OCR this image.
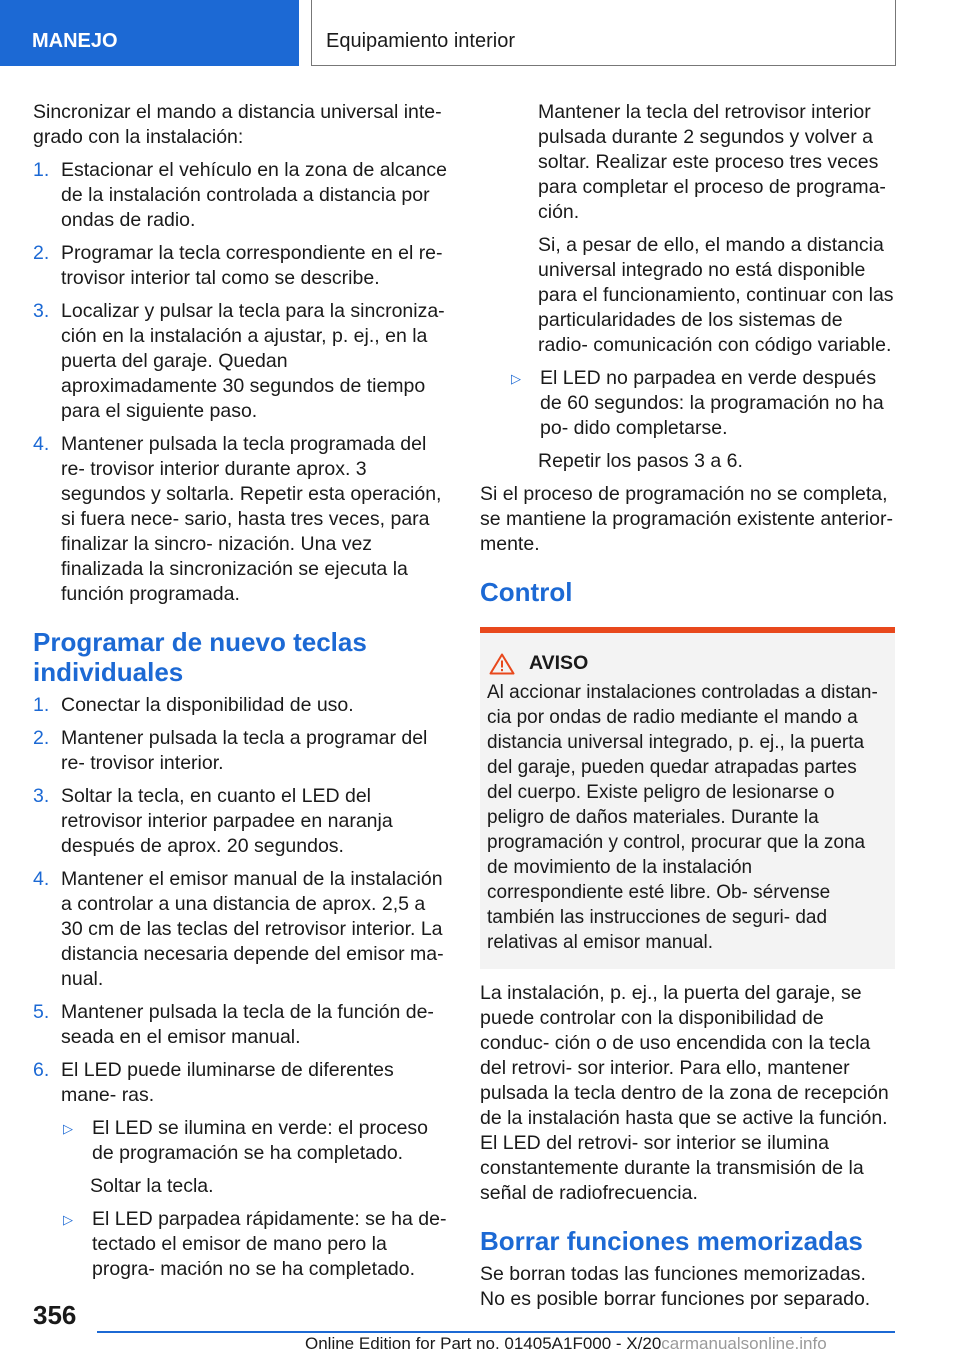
MANEJO	Equipamiento interior

Sincronizar el mando a distancia universal inte- grado con la instalación:

1. Estacionar el vehículo en la zona de alcance de la instalación controlada a distancia por ondas de radio.
2. Programar la tecla correspondiente en el re- trovisor interior tal como se describe.
3. Localizar y pulsar la tecla para la sincroniza- ción en la instalación a ajustar, p. ej., en la puerta del garaje. Quedan aproximadamente 30 segundos de tiempo para el siguiente paso.
4. Mantener pulsada la tecla programada del re- trovisor interior durante aprox. 3 segundos y soltarla. Repetir esta operación, si fuera nece- sario, hasta tres veces, para finalizar la sincro- nización. Una vez finalizada la sincronización se ejecuta la función programada.
Programar de nuevo teclas individuales
1. Conectar la disponibilidad de uso.
2. Mantener pulsada la tecla a programar del re- trovisor interior.
3. Soltar la tecla, en cuanto el LED del retrovisor interior parpadee en naranja después de aprox. 20 segundos.
4. Mantener el emisor manual de la instalación a controlar a una distancia de aprox. 2,5 a 30 cm de las teclas del retrovisor interior. La distancia necesaria depende del emisor ma- nual.
5. Mantener pulsada la tecla de la función de- seada en el emisor manual.
6. El LED puede iluminarse de diferentes mane- ras.
▷ El LED se ilumina en verde: el proceso de programación se ha completado.

Soltar la tecla.

▷ El LED parpadea rápidamente: se ha de- tectado el emisor de mano pero la progra- mación no se ha completado.

Mantener la tecla del retrovisor interior pulsada durante 2 segundos y volver a soltar. Realizar este proceso tres veces para completar el proceso de programa- ción.

Si, a pesar de ello, el mando a distancia universal integrado no está disponible para el funcionamiento, continuar con las particularidades de los sistemas de radio- comunicación con código variable.

▷ El LED no parpadea en verde después de 60 segundos: la programación no ha po- dido completarse.

Repetir los pasos 3 a 6.

Si el proceso de programación no se completa, se mantiene la programación existente anterior- mente.

Control
AVISO
Al accionar instalaciones controladas a distan- cia por ondas de radio mediante el mando a distancia universal integrado, p. ej., la puerta del garaje, pueden quedar atrapadas partes del cuerpo. Existe peligro de lesionarse o peligro de daños materiales. Durante la programación y control, procurar que la zona de movimiento de la instalación correspondiente esté libre. Ob- sérvense también las instrucciones de seguri- dad relativas al emisor manual.

La instalación, p. ej., la puerta del garaje, se puede controlar con la disponibilidad de conduc- ción o de uso encendida con la tecla del retrovi- sor interior. Para ello, mantener pulsada la tecla dentro de la zona de recepción de la instalación hasta que se active la función. El LED del retrovi- sor interior se ilumina constantemente durante la transmisión de la señal de radiofrecuencia.

Borrar funciones memorizadas

Se borran todas las funciones memorizadas. No es posible borrar funciones por separado.

356
Online Edition for Part no. 01405A1F000 - X/20carmanualsonline.info
